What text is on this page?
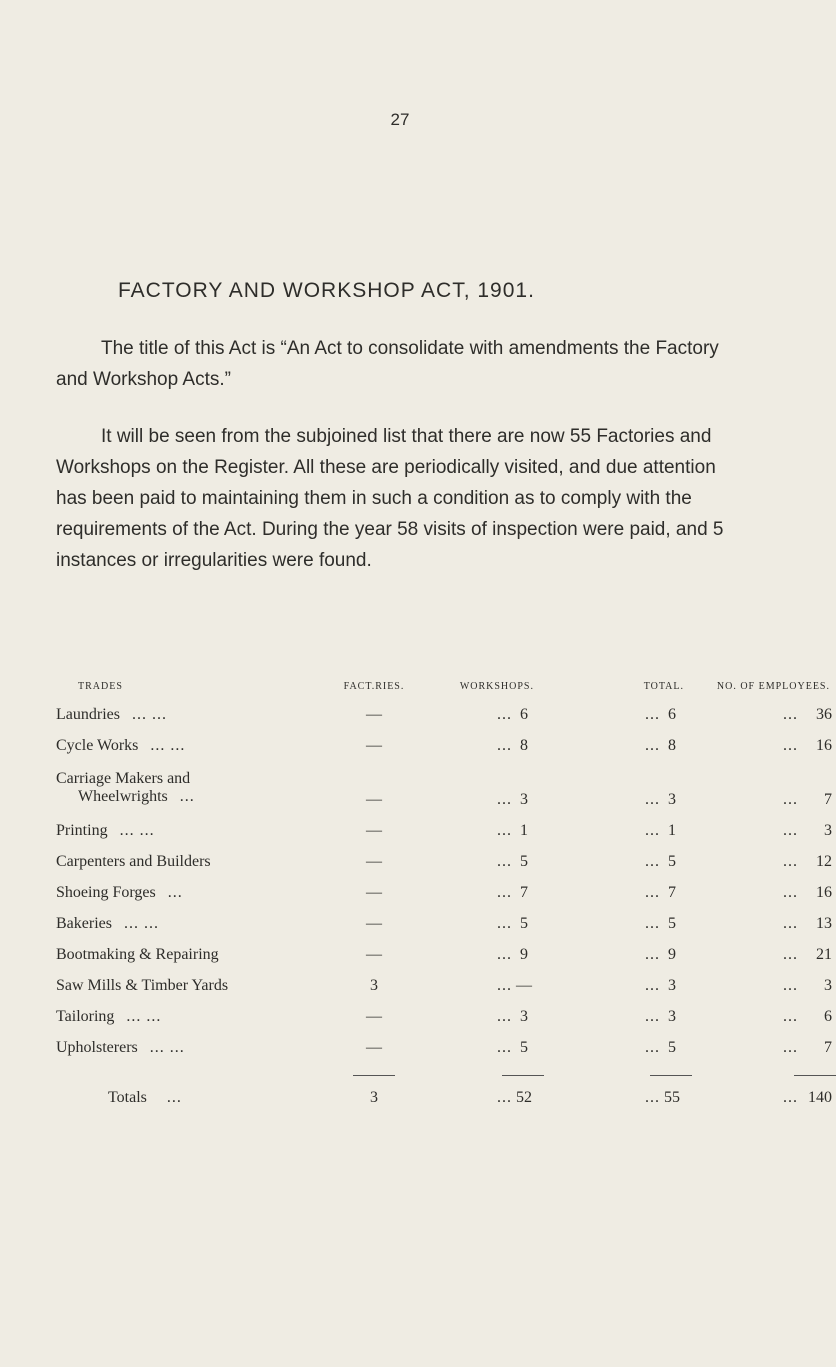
27
FACTORY AND WORKSHOP ACT, 1901.

The title of this Act is “An Act to consolidate with amendments the Factory and Workshop Acts.”

It will be seen from the subjoined list that there are now 55 Factories and Workshops on the Register. All these are periodically visited, and due attention has been paid to maintaining them in such a condition as to comply with the requirements of the Act. During the year 58 visits of inspection were paid, and 5 instances or irregularities were found.

TRADES	FACT.RIES.	WORKSHOPS.	TOTAL.	NO. OF EMPLOYEES.
Laundries ... ...	—	... 6	... 6	... 36
Cycle Works ... ...	—	... 8	... 8	... 16
Carriage Makers and
Wheelwrights ...	—	... 3	... 3	... 7
Printing ... ...	—	... 1	... 1	... 3
Carpenters and Builders	—	... 5	... 5	... 12
Shoeing Forges ...	—	... 7	... 7	... 16
Bakeries ... ...	—	... 5	... 5	... 13
Bootmaking & Repairing	—	... 9	... 9	... 21
Saw Mills & Timber Yards	3	... —	... 3	... 3
Tailoring ... ...	—	... 3	... 3	... 6
Upholsterers ... ...	—	... 5	... 5	... 7

Totals ...	3	... 52	... 55	... 140
